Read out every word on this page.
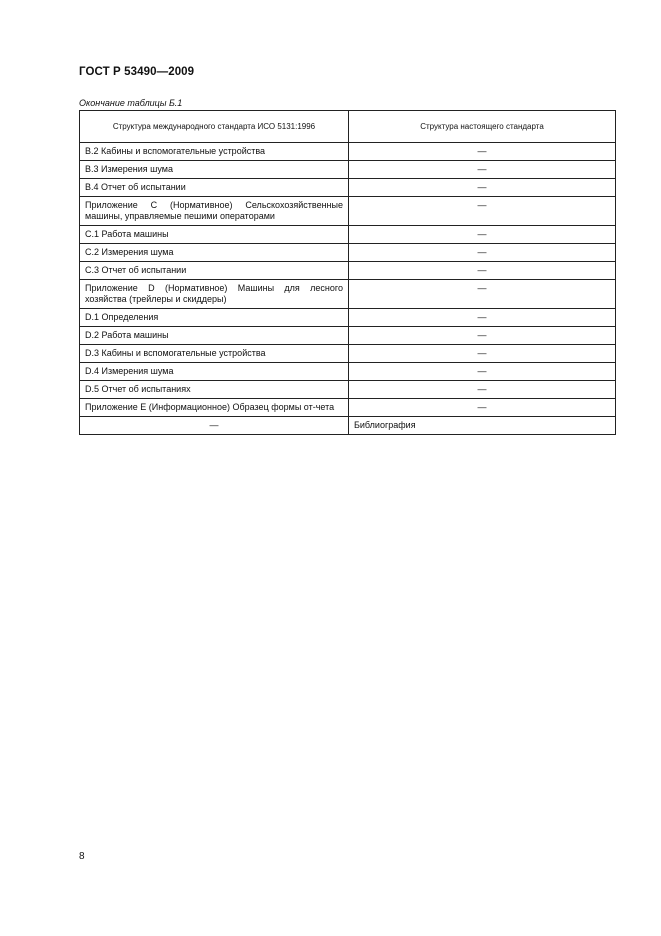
ГОСТ Р 53490—2009
Окончание таблицы Б.1
Структура международного стандарта ИСО 5131:1996	Структура настоящего стандарта
B.2 Кабины и вспомогательные устройства	—
B.3 Измерения шума	—
B.4 Отчет об испытании	—
Приложение С (Нормативное) Сельскохозяйственные машины, управляемые пешими операторами	—
C.1 Работа машины	—
C.2 Измерения шума	—
C.3 Отчет об испытании	—
Приложение D (Нормативное) Машины для лесного хозяйства (трейлеры и скиддеры)	—
D.1 Определения	—
D.2 Работа машины	—
D.3 Кабины и вспомогательные устройства	—
D.4 Измерения шума	—
D.5 Отчет об испытаниях	—
Приложение E (Информационное) Образец формы от-чета	—
—	Библиография
8
